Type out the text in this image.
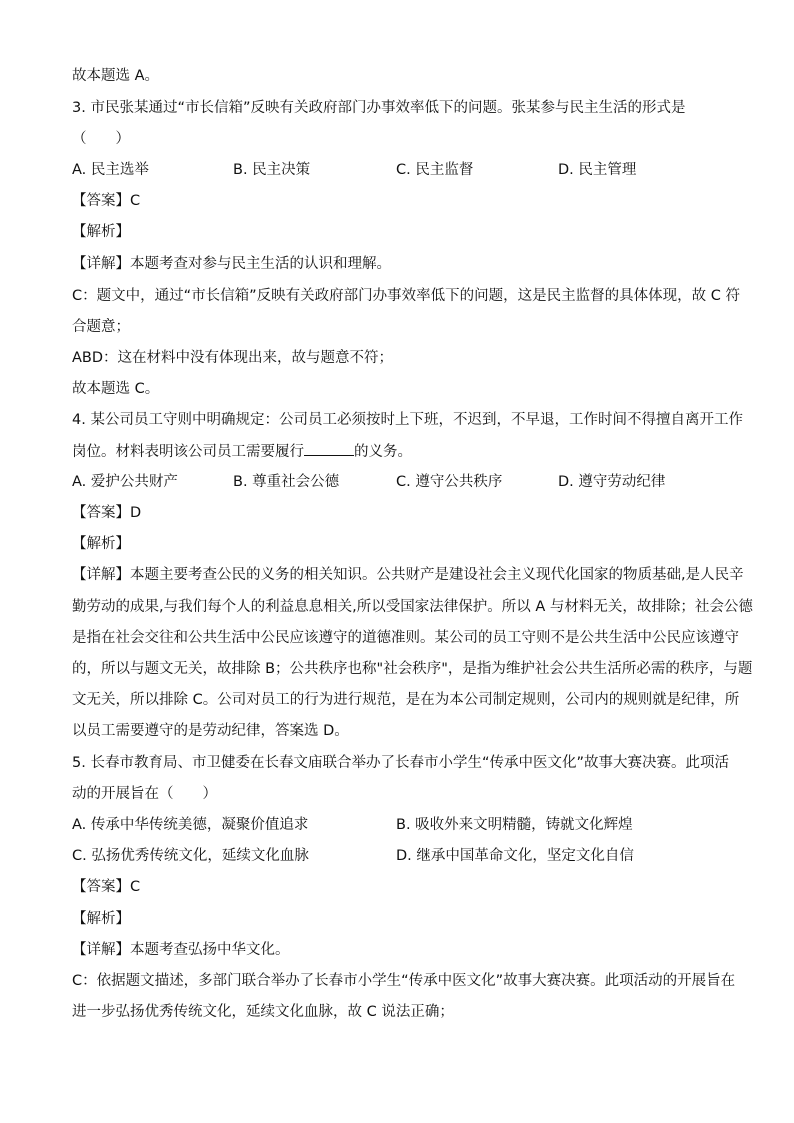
故本题选 A。
3. 市民张某通过“市长信箱”反映有关政府部门办事效率低下的问题。张某参与民主生活的形式是
（　　）
A. 民主选举	B. 民主决策	C. 民主监督	D. 民主管理
【答案】C
【解析】
【详解】本题考查对参与民主生活的认识和理解。
C：题文中，通过“市长信箱”反映有关政府部门办事效率低下的问题，这是民主监督的具体体现，故 C 符
合题意；
ABD：这在材料中没有体现出来，故与题意不符；
故本题选 C。
4. 某公司员工守则中明确规定：公司员工必须按时上下班，不迟到，不早退，工作时间不得擅自离开工作
岗位。材料表明该公司员工需要履行	的义务。
A. 爱护公共财产	B. 尊重社会公德	C. 遵守公共秩序	D. 遵守劳动纪律
【答案】D
【解析】
【详解】本题主要考查公民的义务的相关知识。公共财产是建设社会主义现代化国家的物质基础,是人民辛
勤劳动的成果,与我们每个人的利益息息相关,所以受国家法律保护。所以 A 与材料无关，故排除；社会公德
是指在社会交往和公共生活中公民应该遵守的道德准则。某公司的员工守则不是公共生活中公民应该遵守
的，所以与题文无关，故排除 B；公共秩序也称"社会秩序"，是指为维护社会公共生活所必需的秩序，与题
文无关，所以排除 C。公司对员工的行为进行规范，是在为本公司制定规则，公司内的规则就是纪律，所
以员工需要遵守的是劳动纪律，答案选 D。
5. 长春市教育局、市卫健委在长春文庙联合举办了长春市小学生“传承中医文化”故事大赛决赛。此项活
动的开展旨在（　　）
A. 传承中华传统美德，凝聚价值追求	B. 吸收外来文明精髓，铸就文化辉煌
C. 弘扬优秀传统文化，延续文化血脉	D. 继承中国革命文化，坚定文化自信
【答案】C
【解析】
【详解】本题考查弘扬中华文化。
C：依据题文描述，多部门联合举办了长春市小学生“传承中医文化”故事大赛决赛。此项活动的开展旨在
进一步弘扬优秀传统文化，延续文化血脉，故 C 说法正确；
